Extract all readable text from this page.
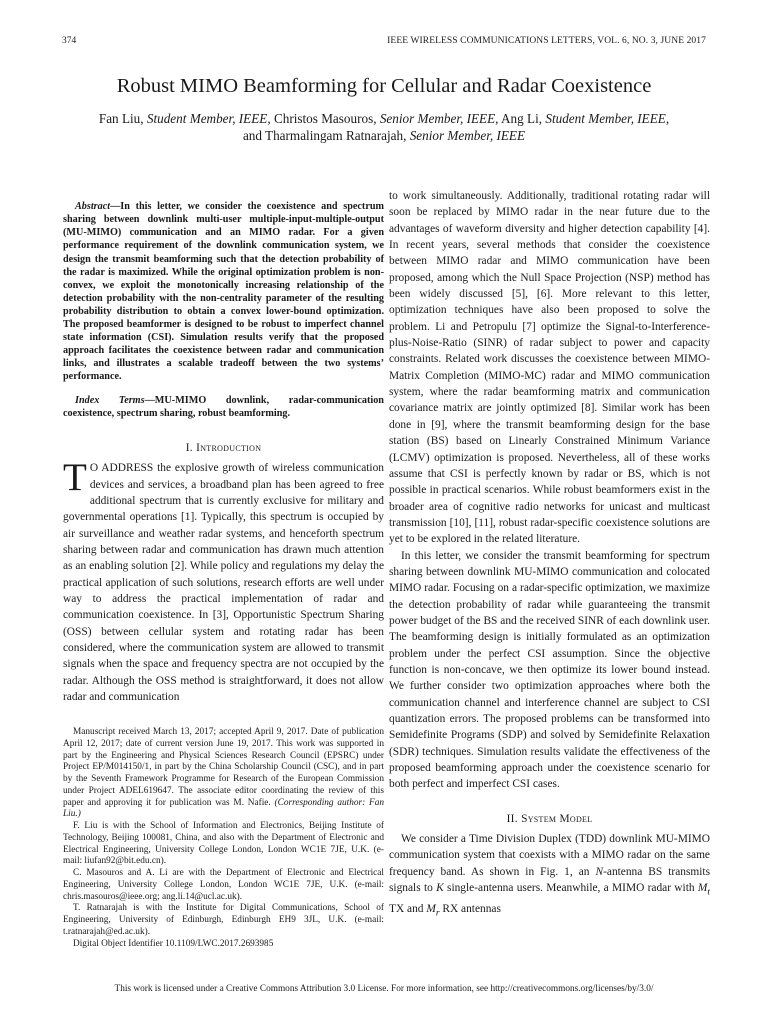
374	IEEE WIRELESS COMMUNICATIONS LETTERS, VOL. 6, NO. 3, JUNE 2017
Robust MIMO Beamforming for Cellular and Radar Coexistence
Fan Liu, Student Member, IEEE, Christos Masouros, Senior Member, IEEE, Ang Li, Student Member, IEEE,
and Tharmalingam Ratnarajah, Senior Member, IEEE

Abstract—In this letter, we consider the coexistence and spectrum sharing between downlink multi-user multiple-input-multiple-output (MU-MIMO) communication and an MIMO radar. For a given performance requirement of the downlink communication system, we design the transmit beamforming such that the detection probability of the radar is maximized. While the original optimization problem is non-convex, we exploit the monotonically increasing relationship of the detection probability with the non-centrality parameter of the resulting probability distribution to obtain a convex lower-bound optimization. The proposed beamformer is designed to be robust to imperfect channel state information (CSI). Simulation results verify that the proposed approach facilitates the coexistence between radar and communication links, and illustrates a scalable tradeoff between the two systems’ performance.

Index Terms—MU-MIMO downlink, radar-communication coexistence, spectrum sharing, robust beamforming.

I. Introduction

T O ADDRESS the explosive growth of wireless communication devices and services, a broadband plan has been agreed to free additional spectrum that is currently exclusive for military and governmental operations [1]. Typically, this spectrum is occupied by air surveillance and weather radar systems, and henceforth spectrum sharing between radar and communication has drawn much attention as an enabling solution [2]. While policy and regulations my delay the practical application of such solutions, research efforts are well under way to address the practical implementation of radar and communication coexistence. In [3], Opportunistic Spectrum Sharing (OSS) between cellular system and rotating radar has been considered, where the communication system are allowed to transmit signals when the space and frequency spectra are not occupied by the radar. Although the OSS method is straightforward, it does not allow radar and communication

Manuscript received March 13, 2017; accepted April 9, 2017. Date of publication April 12, 2017; date of current version June 19, 2017. This work was supported in part by the Engineering and Physical Sciences Research Council (EPSRC) under Project EP/M014150/1, in part by the China Scholarship Council (CSC), and in part by the Seventh Framework Programme for Research of the European Commission under Project ADEL619647. The associate editor coordinating the review of this paper and approving it for publication was M. Nafie. (Corresponding author: Fan Liu.)

F. Liu is with the School of Information and Electronics, Beijing Institute of Technology, Beijing 100081, China, and also with the Department of Electronic and Electrical Engineering, University College London, London WC1E 7JE, U.K. (e-mail: liufan92@bit.edu.cn).

C. Masouros and A. Li are with the Department of Electronic and Electrical Engineering, University College London, London WC1E 7JE, U.K. (e-mail: chris.masouros@ieee.org; ang.li.14@ucl.ac.uk).

T. Ratnarajah is with the Institute for Digital Communications, School of Engineering, University of Edinburgh, Edinburgh EH9 3JL, U.K. (e-mail: t.ratnarajah@ed.ac.uk).

Digital Object Identifier 10.1109/LWC.2017.2693985

to work simultaneously. Additionally, traditional rotating radar will soon be replaced by MIMO radar in the near future due to the advantages of waveform diversity and higher detection capability [4]. In recent years, several methods that consider the coexistence between MIMO radar and MIMO communication have been proposed, among which the Null Space Projection (NSP) method has been widely discussed [5], [6]. More relevant to this letter, optimization techniques have also been proposed to solve the problem. Li and Petropulu [7] optimize the Signal-to-Interference-plus-Noise-Ratio (SINR) of radar subject to power and capacity constraints. Related work discusses the coexistence between MIMO-Matrix Completion (MIMO-MC) radar and MIMO communication system, where the radar beamforming matrix and communication covariance matrix are jointly optimized [8]. Similar work has been done in [9], where the transmit beamforming design for the base station (BS) based on Linearly Constrained Minimum Variance (LCMV) optimization is proposed. Nevertheless, all of these works assume that CSI is perfectly known by radar or BS, which is not possible in practical scenarios. While robust beamformers exist in the broader area of cognitive radio networks for unicast and multicast transmission [10], [11], robust radar-specific coexistence solutions are yet to be explored in the related literature.

In this letter, we consider the transmit beamforming for spectrum sharing between downlink MU-MIMO communication and colocated MIMO radar. Focusing on a radar-specific optimization, we maximize the detection probability of radar while guaranteeing the transmit power budget of the BS and the received SINR of each downlink user. The beamforming design is initially formulated as an optimization problem under the perfect CSI assumption. Since the objective function is non-concave, we then optimize its lower bound instead. We further consider two optimization approaches where both the communication channel and interference channel are subject to CSI quantization errors. The proposed problems can be transformed into Semidefinite Programs (SDP) and solved by Semidefinite Relaxation (SDR) techniques. Simulation results validate the effectiveness of the proposed beamforming approach under the coexistence scenario for both perfect and imperfect CSI cases.

II. System Model

We consider a Time Division Duplex (TDD) downlink MU-MIMO communication system that coexists with a MIMO radar on the same frequency band. As shown in Fig. 1, an N-antenna BS transmits signals to K single-antenna users. Meanwhile, a MIMO radar with $M_t$ TX and $M_r$ RX antennas

This work is licensed under a Creative Commons Attribution 3.0 License. For more information, see http://creativecommons.org/licenses/by/3.0/
